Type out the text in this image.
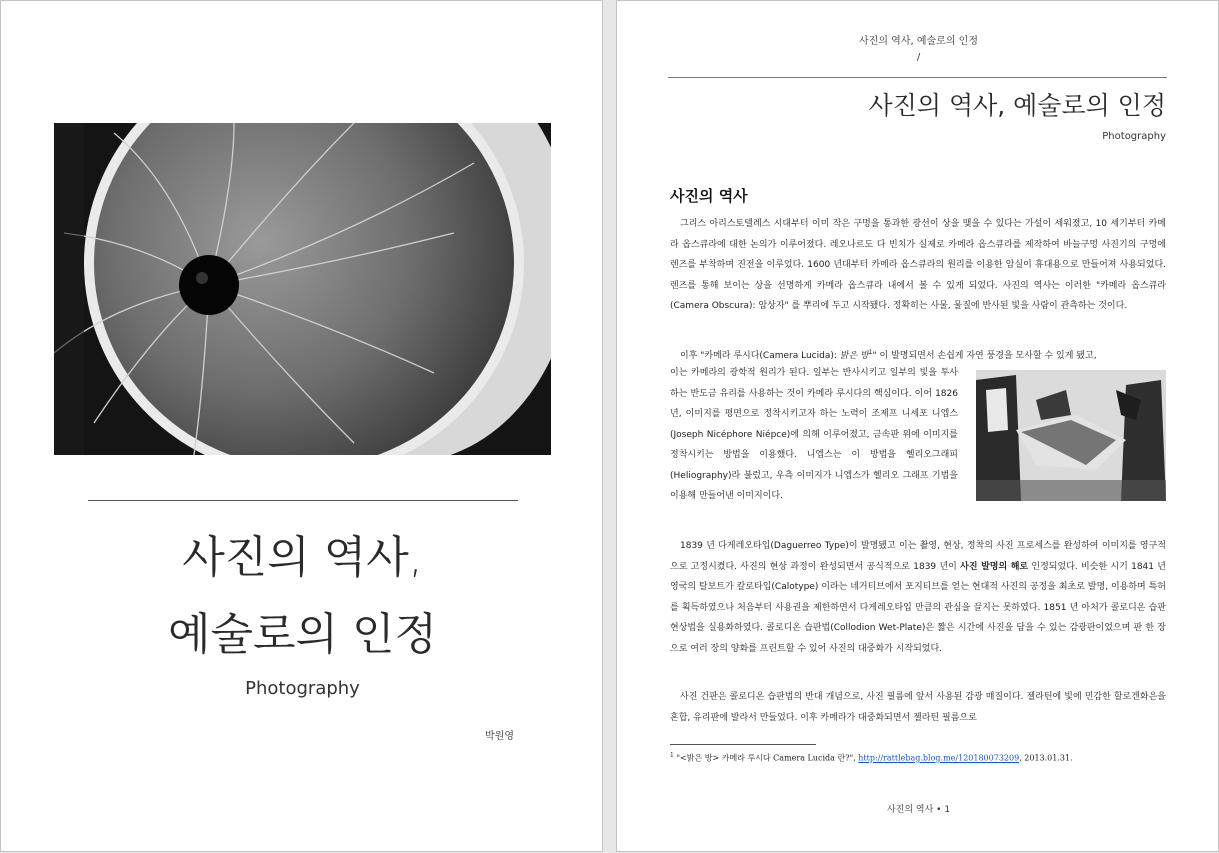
사진의 역사,
예술로의 인정
Photography
박원영
사진의 역사, 예술로의 인정
/
사진의 역사, 예술로의 인정
Photography
사진의 역사

그리스 아리스토텔레스 시대부터 이미 작은 구멍을 통과한 광선이 상을 맺을 수 있다는 가설이 세워졌고, 10 세기부터 카메라 옵스큐라에 대한 논의가 이루어졌다. 레오나르도 다 빈치가 실제로 카메라 옵스큐라를 제작하여 바늘구멍 사진기의 구멍에 렌즈를 부착하며 진전을 이루었다. 1600 년대부터 카메라 옵스큐라의 원리를 이용한 암실이 휴대용으로 만들어져 사용되었다. 렌즈를 통해 보이는 상을 선명하게 카메라 옵스큐라 내에서 볼 수 있게 되었다. 사진의 역사는 이러한 "카메라 옵스큐라(Camera Obscura): 암상자" 를 뿌리에 두고 시작됐다. 정확히는 사물, 물질에 반사된 빛을 사람이 관측하는 것이다.

이후 "카메라 루시다(Camera Lucida): 밝은 방$^1$" 이 발명되면서 손쉽게 자연 풍경을 모사할 수 있게 됐고,

이는 카메라의 광학적 원리가 된다. 일부는 반사시키고 일부의 빛을 투사하는 반도금 유리를 사용하는 것이 카메라 루시다의 핵심이다. 이어 1826 년, 이미지를 평면으로 정착시키고자 하는 노력이 조제프 니세포 니엡스(Joseph Nicéphore Niépce)에 의해 이루어졌고, 금속판 위에 이미지를 정착시키는 방법을 이용했다. 니엡스는 이 방법을 헬리오그래피(Heliography)라 불렀고, 우측 이미지가 니엡스가 헬리오 그래프 기법을 이용해 만들어낸 이미지이다.

1839 년 다게레오타입(Daguerreo Type)이 발명됐고 이는 촬영, 현상, 정착의 사진 프로세스를 완성하여 이미지를 영구적으로 고정시켰다. 사진의 현상 과정이 완성되면서 공식적으로 1839 년이 사진 발명의 해로 인정되었다. 비슷한 시기 1841 년 영국의 탈보트가 칼로타입(Calotype) 이라는 네거티브에서 포지티브를 얻는 현대적 사진의 공정을 최초로 발명, 이용하며 특허를 획득하였으나 처음부터 사용권을 제한하면서 다게레오타입 만큼의 관심을 끌지는 못하였다. 1851 년 아처가 콜로디온 습판 현상법을 실용화하였다. 콜로디온 습판법(Collodion Wet-Plate)은 짧은 시간에 사진을 담을 수 있는 감광판이었으며 판 한 장으로 여러 장의 양화를 프린트할 수 있어 사진의 대중화가 시작되었다.

사진 건판은 콜로디온 습판법의 반대 개념으로, 사진 필름에 앞서 사용된 감광 매질이다. 젤라틴에 빛에 민감한 할로겐화은을 혼합, 유리판에 발라서 만들었다. 이후 카메라가 대중화되면서 젤라틴 필름으로

$^1$ "<밝은 방> 카메라 루시다 Camera Lucida 란?", http://rattlebag.blog.me/120180073209, 2013.01.31.
사진의 역사 • 1
